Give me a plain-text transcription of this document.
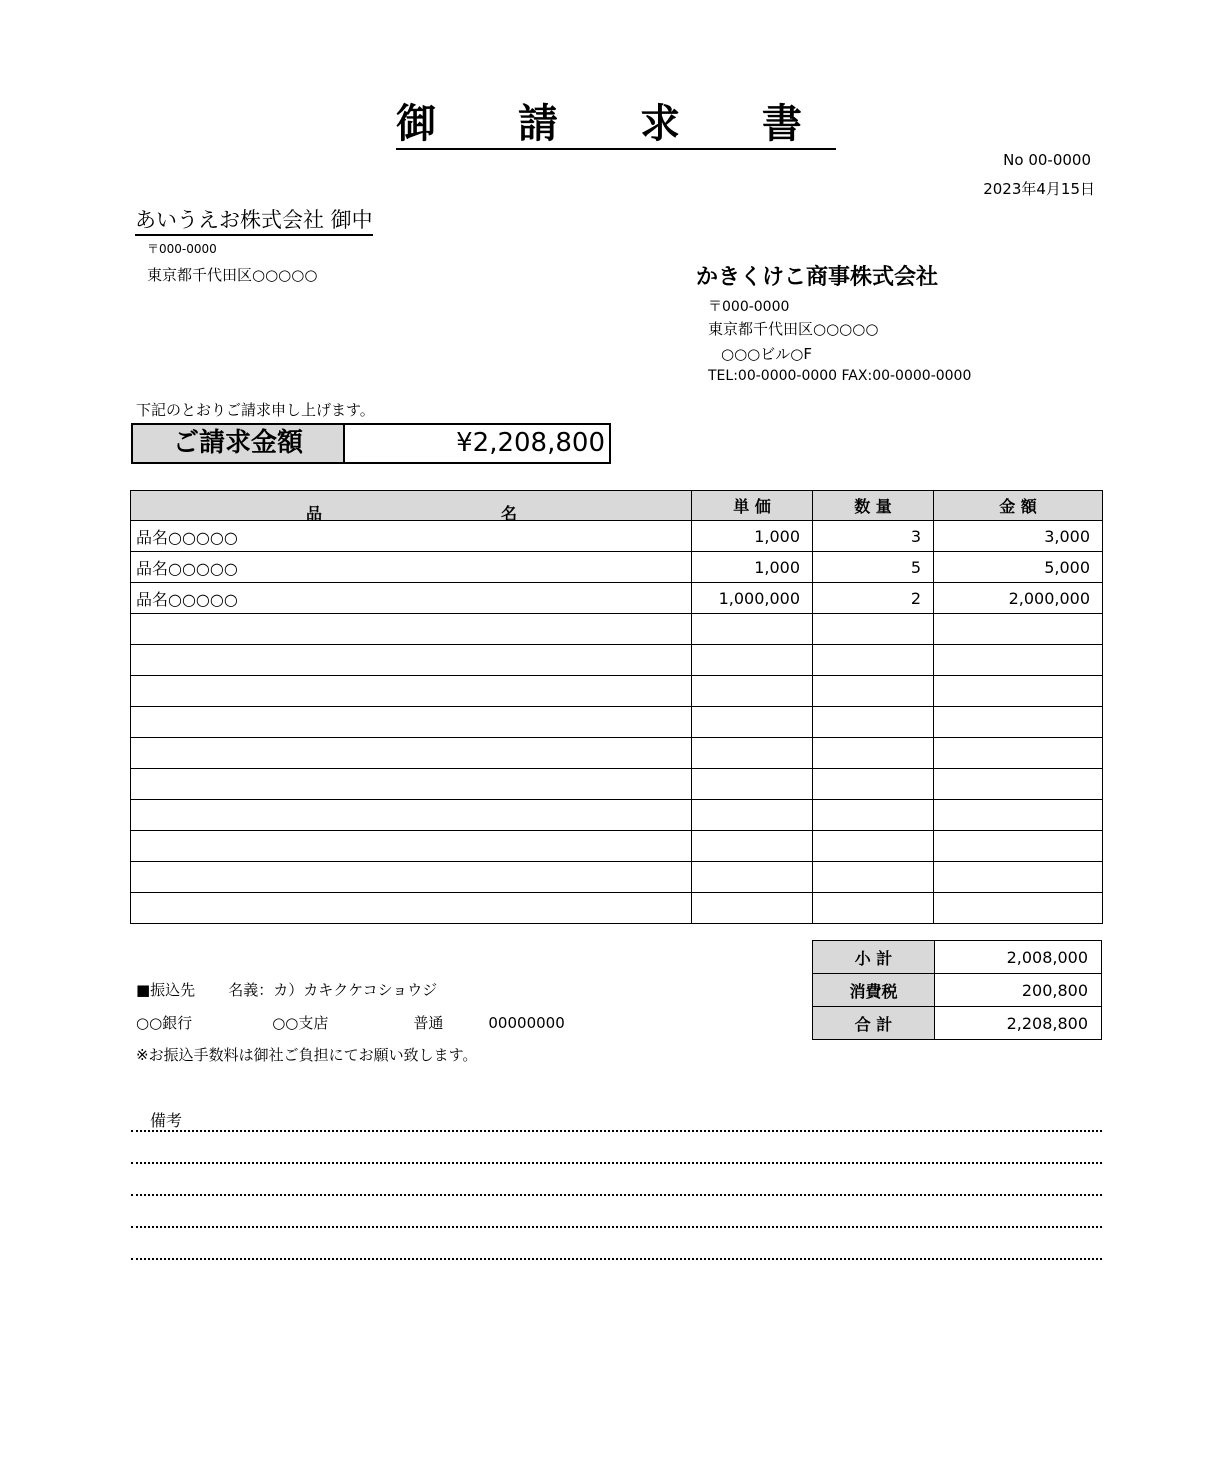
御 請 求 書
No 00-0000
2023年4月15日
あいうえお株式会社 御中
〒000-0000
東京都千代田区○○○○○	かきくけこ商事株式会社
〒000-0000
東京都千代田区○○○○○
○○○ビル○F
TEL:00-0000-0000 FAX:00-0000-0000
下記のとおりご請求申し上げます。
ご請求金額	¥2,208,800
品 名	単 価	数 量	金 額
品名○○○○○	1,000	3	3,000
品名○○○○○	1,000	5	5,000
品名○○○○○	1,000,000	2	2,000,000

小 計	2,008,000
消費税	200,800
合 計	2,208,800
■振込先 名義：カ）カキクケコショウジ
○○銀行	○○支店	普通	00000000
※お振込手数料は御社ご負担にてお願い致します。
備考
